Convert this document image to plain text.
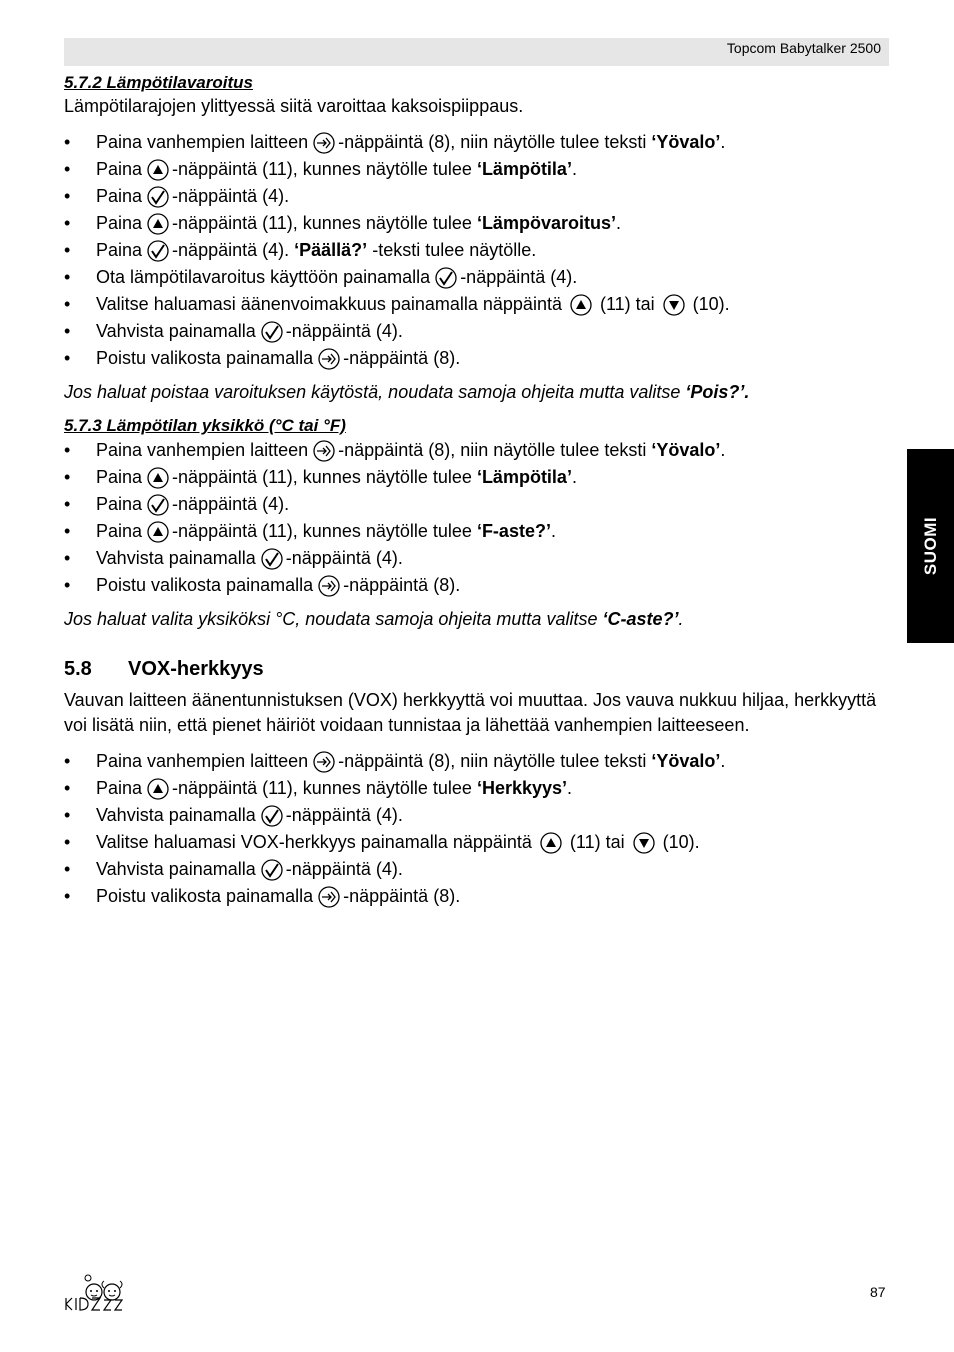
Topcom Babytalker 2500
SUOMI

5.7.2 Lämpötilavaroitus

Lämpötilarajojen ylittyessä siitä varoittaa kaksoispiippaus.

• Paina vanhempien laitteen -näppäintä (8), niin näytölle tulee teksti ‘Yövalo’.
• Paina -näppäintä (11), kunnes näytölle tulee ‘Lämpötila’.
• Paina -näppäintä (4).
• Paina -näppäintä (11), kunnes näytölle tulee ‘Lämpövaroitus’.
• Paina -näppäintä (4). ‘Päällä?’ -teksti tulee näytölle.
• Ota lämpötilavaroitus käyttöön painamalla -näppäintä (4).
• Valitse haluamasi äänenvoimakkuus painamalla näppäintä (11) tai (10).
• Vahvista painamalla -näppäintä (4).
• Poistu valikosta painamalla -näppäintä (8).

Jos haluat poistaa varoituksen käytöstä, noudata samoja ohjeita mutta valitse ‘Pois?’.

5.7.3 Lämpötilan yksikkö (°C tai °F)

• Paina vanhempien laitteen -näppäintä (8), niin näytölle tulee teksti ‘Yövalo’.
• Paina -näppäintä (11), kunnes näytölle tulee ‘Lämpötila’.
• Paina -näppäintä (4).
• Paina -näppäintä (11), kunnes näytölle tulee ‘F-aste?’.
• Vahvista painamalla -näppäintä (4).
• Poistu valikosta painamalla -näppäintä (8).

Jos haluat valita yksiköksi °C, noudata samoja ohjeita mutta valitse ‘C-aste?’.

5.8 VOX-herkkyys

Vauvan laitteen äänentunnistuksen (VOX) herkkyyttä voi muuttaa. Jos vauva nukkuu hiljaa, herkkyyttä voi lisätä niin, että pienet häiriöt voidaan tunnistaa ja lähettää vanhempien laitteeseen.

• Paina vanhempien laitteen -näppäintä (8), niin näytölle tulee teksti ‘Yövalo’.
• Paina -näppäintä (11), kunnes näytölle tulee ‘Herkkyys’.
• Vahvista painamalla -näppäintä (4).
• Valitse haluamasi VOX-herkkyys painamalla näppäintä (11) tai (10).
• Vahvista painamalla -näppäintä (4).
• Poistu valikosta painamalla -näppäintä (8).
87
